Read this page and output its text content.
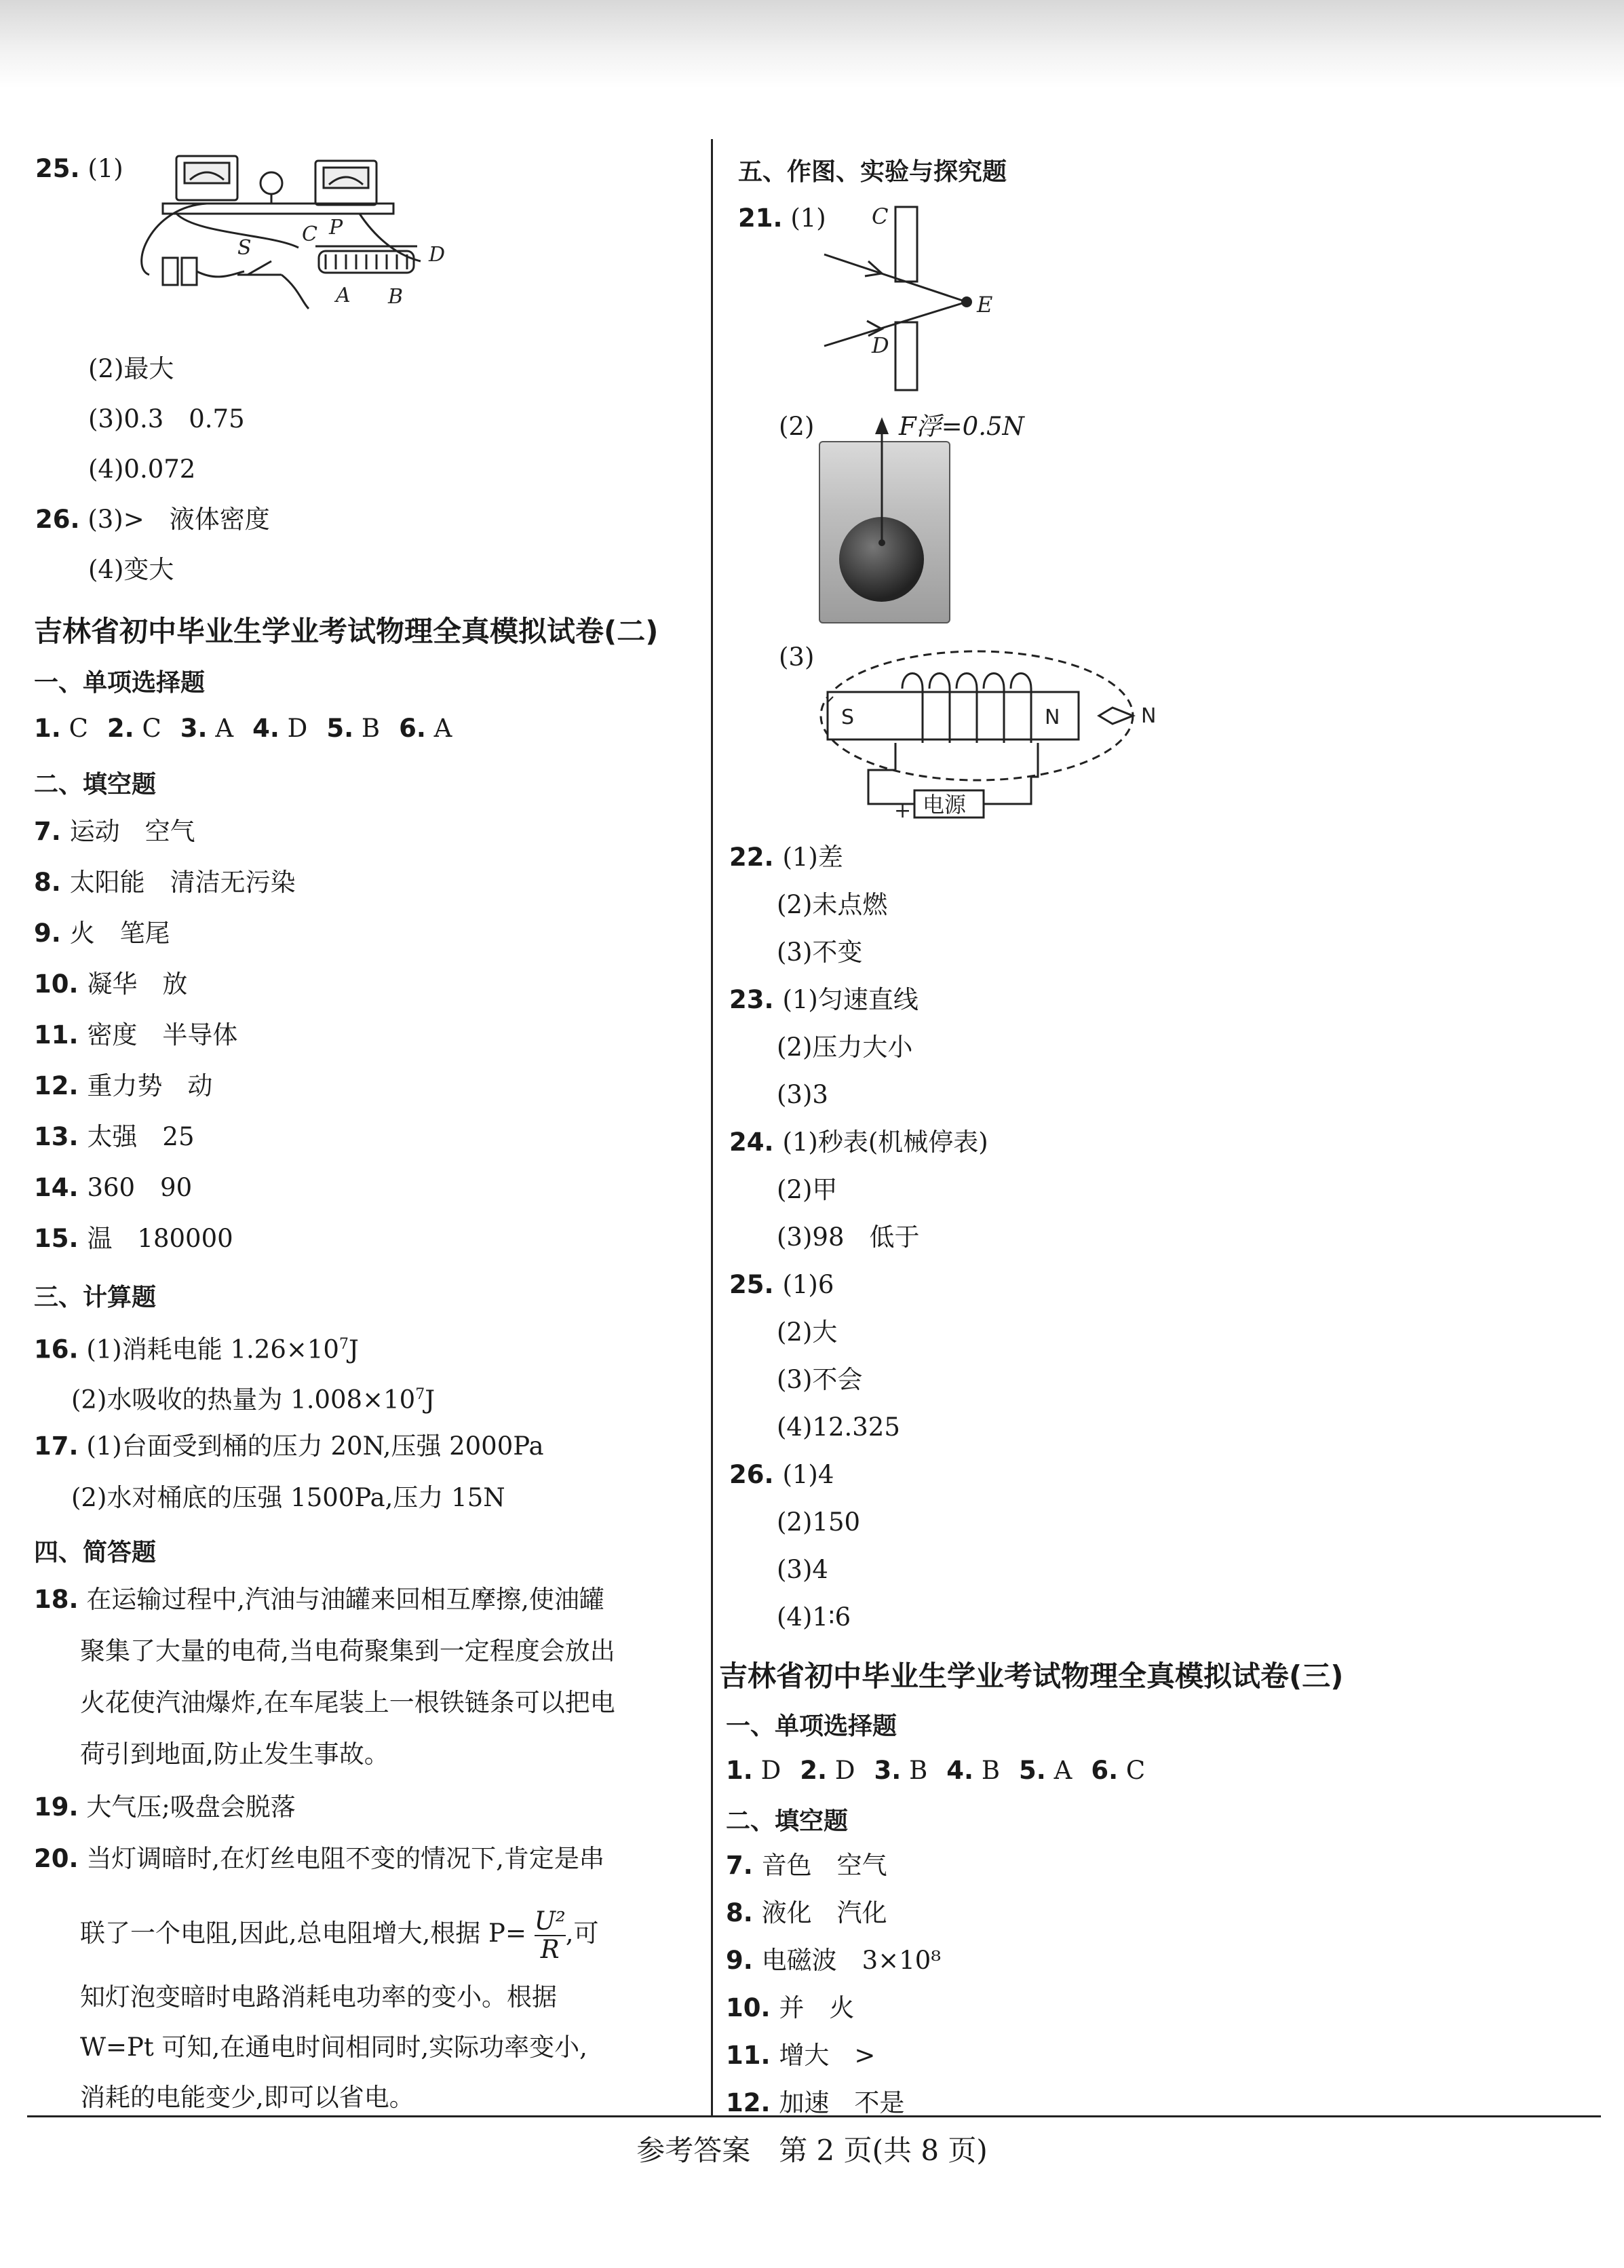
25. (1)
S
C P
D
A B
(2)最大
(3)0.3　0.75
(4)0.072
26. (3)>　液体密度
(4)变大
吉林省初中毕业生学业考试物理全真模拟试卷(二)
一、单项选择题
1. C 2. C 3. A 4. D 5. B 6. A
二、填空题
7. 运动　空气
8. 太阳能　清洁无污染
9. 火　笔尾
10. 凝华　放
11. 密度　半导体
12. 重力势　动
13. 太强　25
14. 360　90
15. 温　180000
三、计算题
16. (1)消耗电能 $1.26\times 10^7J$
(2)水吸收的热量为 $1.008\times 10^7J$
17. (1)台面受到桶的压力 20N,压强 2000Pa
(2)水对桶底的压强 1500Pa,压力 15N
四、简答题
18. 在运输过程中,汽油与油罐来回相互摩擦,使油罐
聚集了大量的电荷,当电荷聚集到一定程度会放出
火花使汽油爆炸,在车尾装上一根铁链条可以把电
荷引到地面,防止发生事故。
19. 大气压;吸盘会脱落
20. 当灯调暗时,在灯丝电阻不变的情况下,肯定是串
联了一个电阻,因此,总电阻增大,根据 $P= \frac{\text{U²}}{R}$ ,可
知灯泡变暗时电路消耗电功率的变小。根据
W=Pt 可知,在通电时间相同时,实际功率变小,
消耗的电能变少,即可以省电。
五、作图、实验与探究题
21. (1) C
D
E
(2)	F浮=0.5N
(3)
S	N
电源
+
N
22. (1)差
(2)未点燃
(3)不变
23. (1)匀速直线
(2)压力大小
(3)3
24. (1)秒表(机械停表)
(2)甲
(3)98　低于
25. (1)6
(2)大
(3)不会
(4)12.325
26. (1)4
(2)150
(3)4
(4)1∶6
吉林省初中毕业生学业考试物理全真模拟试卷(三)
一、单项选择题
1. D 2. D 3. B 4. B 5. A 6. C
二、填空题
7. 音色　空气
8. 液化　汽化
9. 电磁波　3×10⁸
10. 并　火
11. 增大　>
12. 加速　不是
参考答案　第 2 页(共 8 页)
